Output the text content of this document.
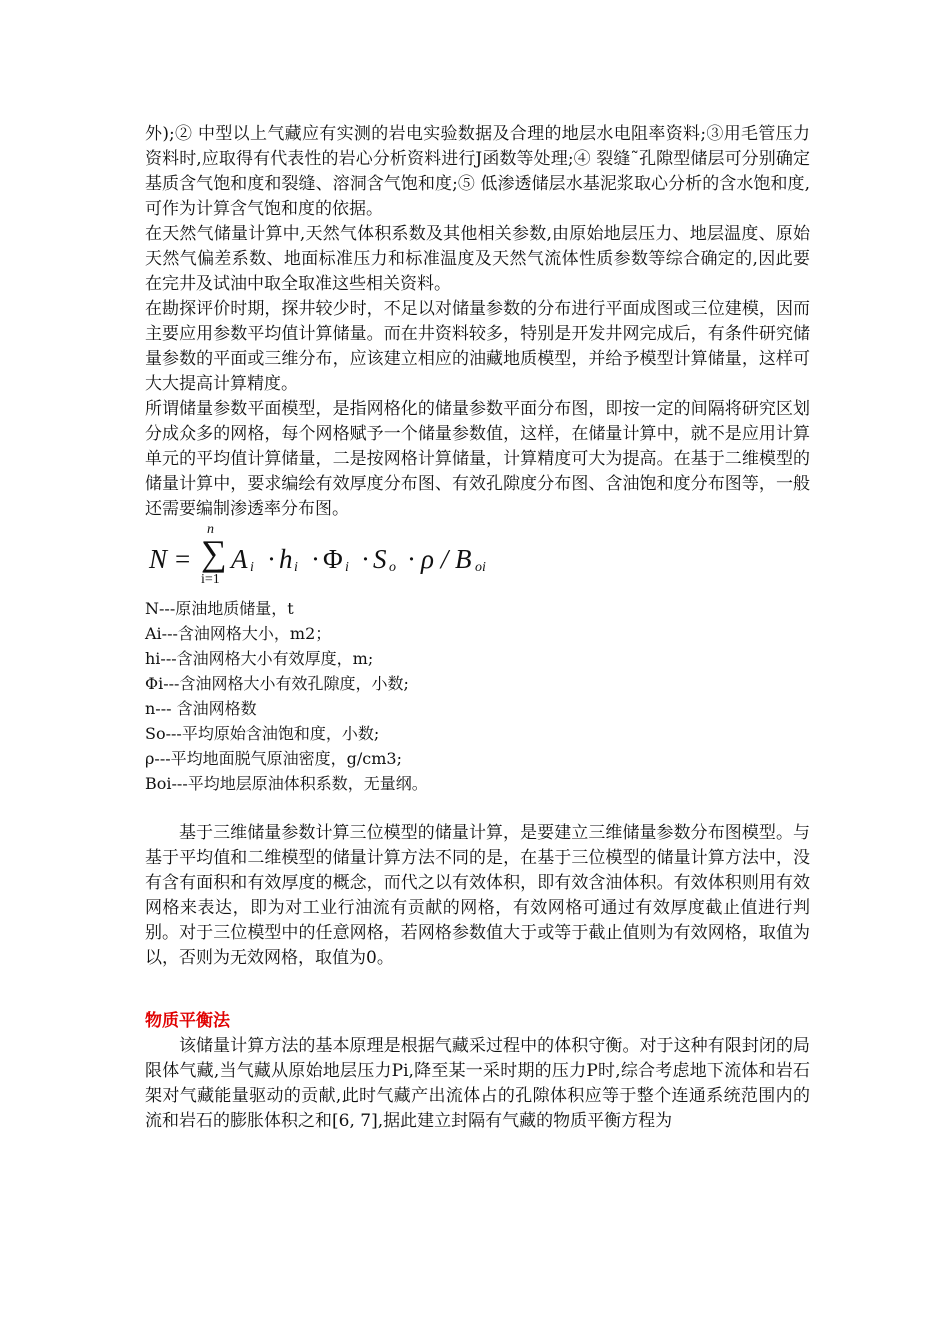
外);② 中型以上气藏应有实测的岩电实验数据及合理的地层水电阻率资料;③用毛管压力资料时,应取得有代表性的岩心分析资料进行J函数等处理;④ 裂缝˜孔隙型储层可分别确定基质含气饱和度和裂缝、溶洞含气饱和度;⑤ 低渗透储层水基泥浆取心分析的含水饱和度,可作为计算含气饱和度的依据。

在天然气储量计算中,天然气体积系数及其他相关参数,由原始地层压力、地层温度、原始天然气偏差系数、地面标准压力和标准温度及天然气流体性质参数等综合确定的,因此要在完井及试油中取全取准这些相关资料。

在勘探评价时期，探井较少时，不足以对储量参数的分布进行平面成图或三位建模，因而主要应用参数平均值计算储量。而在井资料较多，特别是开发井网完成后，有条件研究储量参数的平面或三维分布，应该建立相应的油藏地质模型，并给予模型计算储量，这样可大大提高计算精度。

所谓储量参数平面模型，是指网格化的储量参数平面分布图，即按一定的间隔将研究区划分成众多的网格，每个网格赋予一个储量参数值，这样，在储量计算中，就不是应用计算单元的平均值计算储量，二是按网格计算储量，计算精度可大为提高。在基于二维模型的储量计算中，要求编绘有效厚度分布图、有效孔隙度分布图、含油饱和度分布图等，一般还需要编制渗透率分布图。

N = ∑
n
i=1
A i · h i · Φ i · S o · ρ / B oi

N---原油地质储量，t

Ai---含油网格大小，m2；

hi---含油网格大小有效厚度，m;

Φi---含油网格大小有效孔隙度，小数;

n--- 含油网格数

So---平均原始含油饱和度，小数;

ρ---平均地面脱气原油密度，g/cm3;

Boi---平均地层原油体积系数，无量纲。

基于三维储量参数计算三位模型的储量计算，是要建立三维储量参数分布图模型。与基于平均值和二维模型的储量计算方法不同的是，在基于三位模型的储量计算方法中，没有含有面积和有效厚度的概念，而代之以有效体积，即有效含油体积。有效体积则用有效网格来表达，即为对工业行油流有贡献的网格，有效网格可通过有效厚度截止值进行判别。对于三位模型中的任意网格，若网格参数值大于或等于截止值则为有效网格，取值为以，否则为无效网格，取值为0。

物质平衡法

该储量计算方法的基本原理是根据气藏采过程中的体积守衡。对于这种有限封闭的局限体气藏,当气藏从原始地层压力Pi,降至某一采时期的压力P时,综合考虑地下流体和岩石架对气藏能量驱动的贡献,此时气藏产出流体占的孔隙体积应等于整个连通系统范围内的流和岩石的膨胀体积之和[6, 7],据此建立封隔有气藏的物质平衡方程为
